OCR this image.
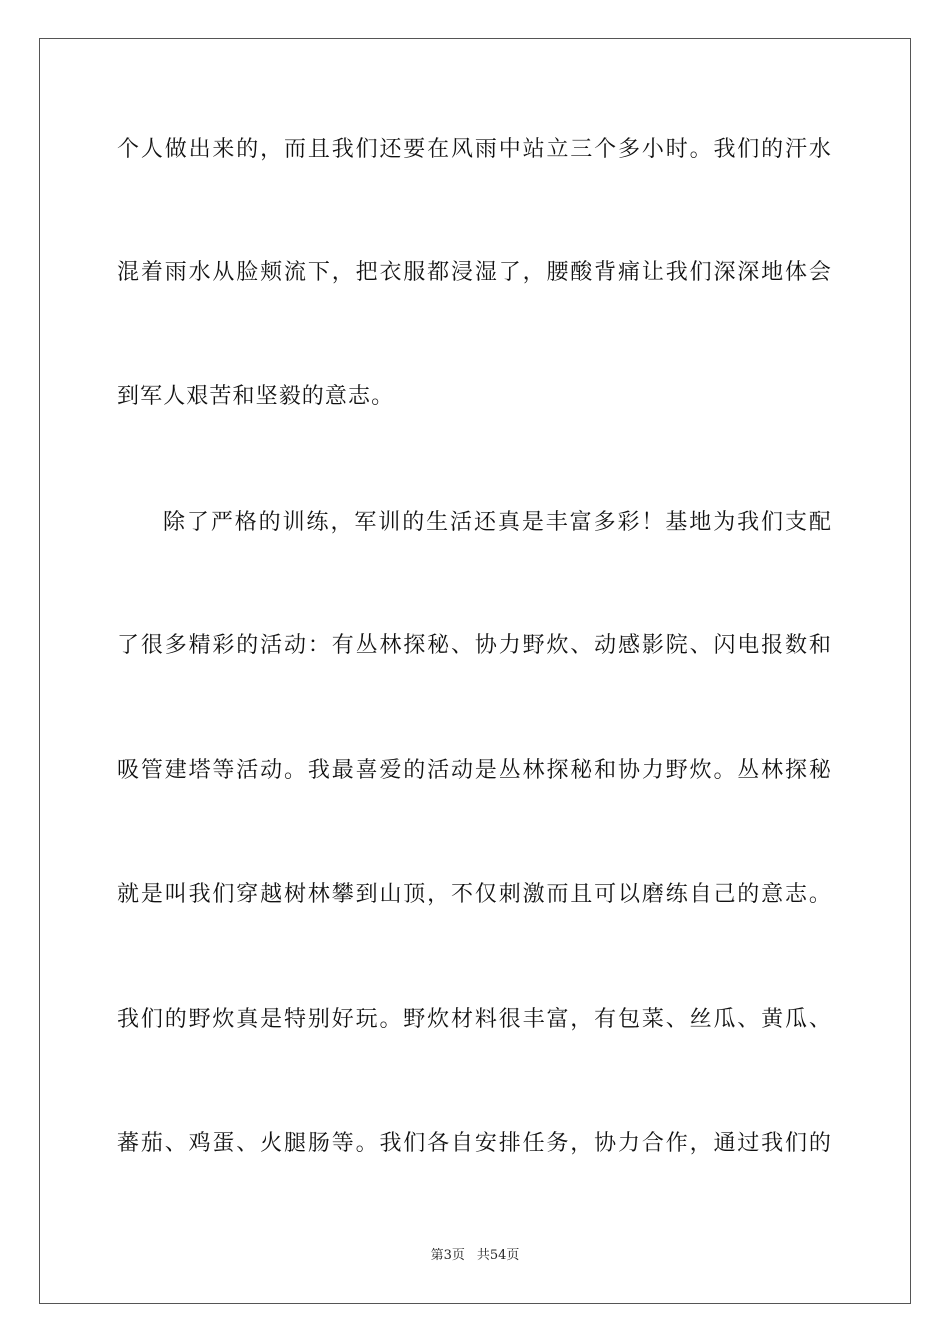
个人做出来的，而且我们还要在风雨中站立三个多小时。我们的汗水
混着雨水从脸颊流下，把衣服都浸湿了，腰酸背痛让我们深深地体会
到军人艰苦和坚毅的意志。
除了严格的训练，军训的生活还真是丰富多彩！基地为我们支配
了很多精彩的活动：有丛林探秘、协力野炊、动感影院、闪电报数和
吸管建塔等活动。我最喜爱的活动是丛林探秘和协力野炊。丛林探秘
就是叫我们穿越树林攀到山顶，不仅刺激而且可以磨练自己的意志。
我们的野炊真是特别好玩。野炊材料很丰富，有包菜、丝瓜、黄瓜、
蕃茄、鸡蛋、火腿肠等。我们各自安排任务，协力合作，通过我们的
第3页 共54页
